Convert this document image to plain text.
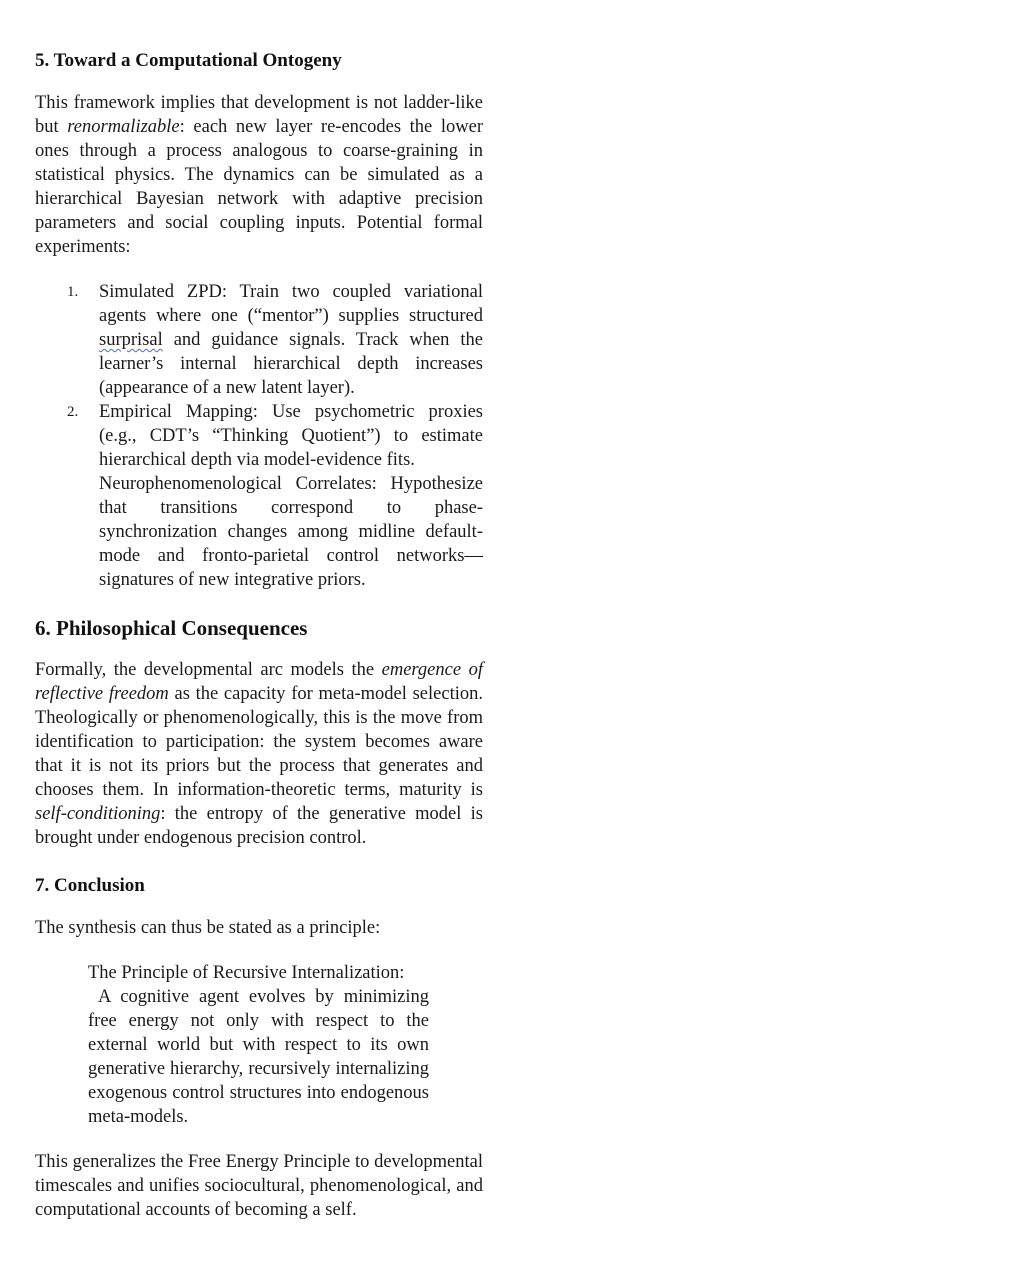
5. Toward a Computational Ontogeny

This framework implies that development is not ladder-like but renormalizable: each new layer re-encodes the lower ones through a process analogous to coarse-graining in statistical physics. The dynamics can be simulated as a hierarchical Bayesian network with adaptive precision parameters and social coupling inputs. Potential formal experiments:

1. Simulated ZPD: Train two coupled variational agents where one (“mentor”) supplies structured surprisal and guidance signals. Track when the learner’s internal hierarchical depth increases (appearance of a new latent layer).
2. Empirical Mapping: Use psychometric proxies (e.g., CDT’s “Thinking Quotient”) to estimate hierarchical depth via model-evidence fits.
Neurophenomenological Correlates: Hypothesize that transitions correspond to phase-synchronization changes among midline default-mode and fronto-parietal control networks—signatures of new integrative priors.
6. Philosophical Consequences

Formally, the developmental arc models the emergence of reflective freedom as the capacity for meta-model selection. Theologically or phenomenologically, this is the move from identification to participation: the system becomes aware that it is not its priors but the process that generates and chooses them. In information-theoretic terms, maturity is self-conditioning: the entropy of the generative model is brought under endogenous precision control.

7. Conclusion

The synthesis can thus be stated as a principle:

The Principle of Recursive Internalization:

A cognitive agent evolves by minimizing free energy not only with respect to the external world but with respect to its own generative hierarchy, recursively internalizing exogenous control structures into endogenous meta-models.

This generalizes the Free Energy Principle to developmental timescales and unifies sociocultural, phenomenological, and computational accounts of becoming a self.
